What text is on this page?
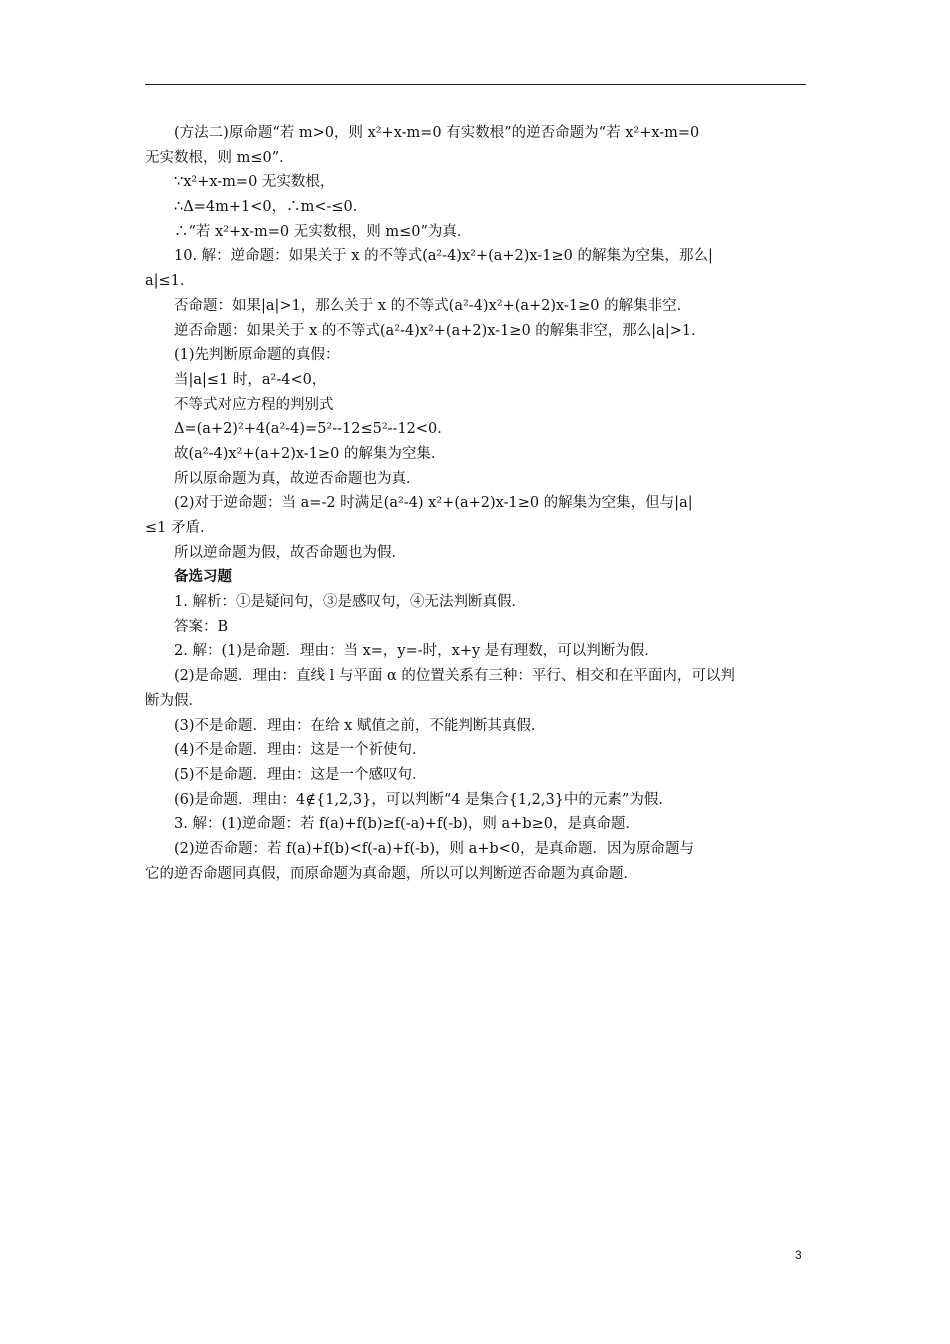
(方法二)原命题“若 m>0，则 x²+x-m=0 有实数根”的逆否命题为“若 x²+x-m=0
无实数根，则 m≤0”．
∵x²+x-m=0 无实数根，
∴Δ=4m+1<0，∴m<-≤0．
∴“若 x²+x-m=0 无实数根，则 m≤0”为真．
10. 解：逆命题：如果关于 x 的不等式(a²-4)x²+(a+2)x-1≥0 的解集为空集，那么|
a|≤1．
否命题：如果|a|>1，那么关于 x 的不等式(a²-4)x²+(a+2)x-1≥0 的解集非空．
逆否命题：如果关于 x 的不等式(a²-4)x²+(a+2)x-1≥0 的解集非空，那么|a|>1．
(1)先判断原命题的真假：
当|a|≤1 时，a²-4<0，
不等式对应方程的判别式
Δ=(a+2)²+4(a²-4)=5²--12≤5²--12<0．
故(a²-4)x²+(a+2)x-1≥0 的解集为空集．
所以原命题为真，故逆否命题也为真．
(2)对于逆命题：当 a=-2 时满足(a²-4) x²+(a+2)x-1≥0 的解集为空集，但与|a|
≤1 矛盾．
所以逆命题为假，故否命题也为假．
备选习题
1. 解析：①是疑问句，③是感叹句，④无法判断真假．
答案：B
2. 解：(1)是命题．理由：当 x=，y=-时，x+y 是有理数，可以判断为假．
(2)是命题．理由：直线 l 与平面 α 的位置关系有三种：平行、相交和在平面内，可以判
断为假．
(3)不是命题．理由：在给 x 赋值之前，不能判断其真假．
(4)不是命题．理由：这是一个祈使句．
(5)不是命题．理由：这是一个感叹句．
(6)是命题．理由：4∉{1,2,3}，可以判断“4 是集合{1,2,3}中的元素”为假．
3. 解：(1)逆命题：若 f(a)+f(b)≥f(-a)+f(-b)，则 a+b≥0，是真命题．
(2)逆否命题：若 f(a)+f(b)<f(-a)+f(-b)，则 a+b<0，是真命题．因为原命题与
它的逆否命题同真假，而原命题为真命题，所以可以判断逆否命题为真命题．
3
